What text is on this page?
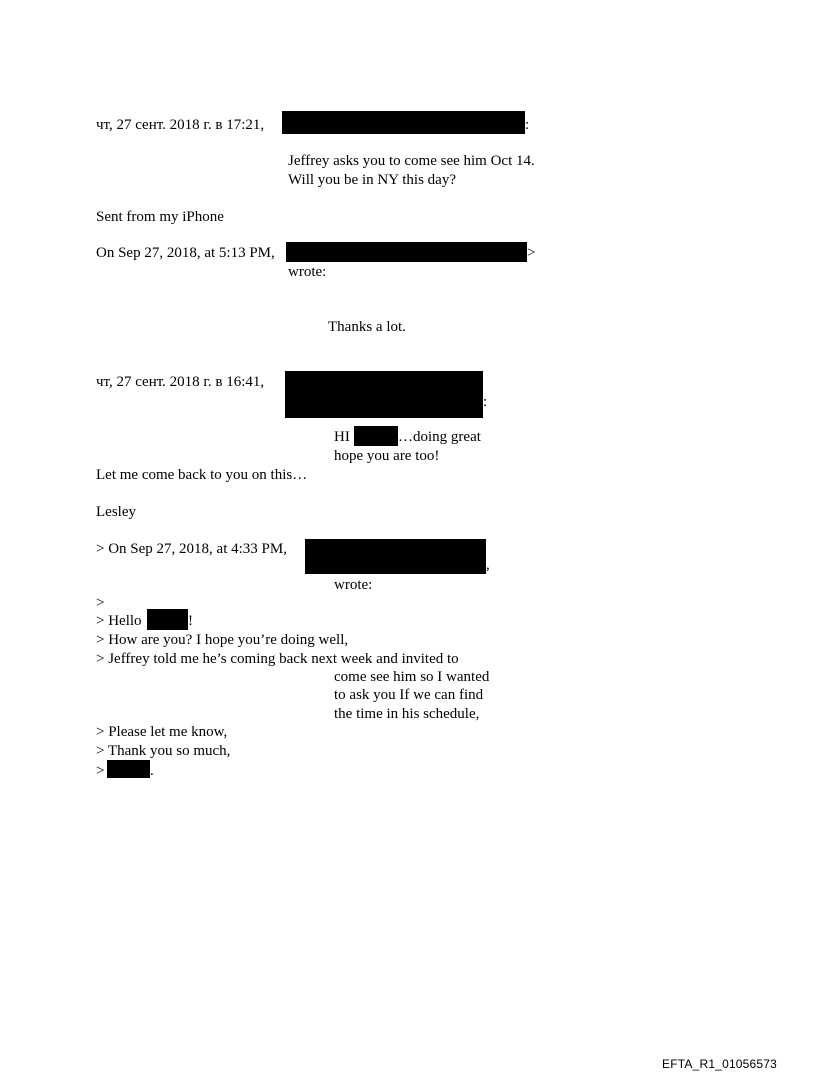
чт, 27 сент. 2018 г. в 17:21,	:
Jeffrey asks you to come see him Oct 14.
Will you be in NY this day?
Sent from my iPhone
On Sep 27, 2018, at 5:13 PM,	>
wrote:
Thanks a lot.
чт, 27 сент. 2018 г. в 16:41,
:
HI	…doing great
hope you are too!
Let me come back to you on this…
Lesley
> On Sep 27, 2018, at 4:33 PM,
,
wrote:
>
> Hello	!
> How are you? I hope you’re doing well,
> Jeffrey told me he’s coming back next week and invited to
come see him so I wanted
to ask you If we can find
the time in his schedule,
> Please let me know,
> Thank you so much,
>	.
EFTA_R1_01056573
